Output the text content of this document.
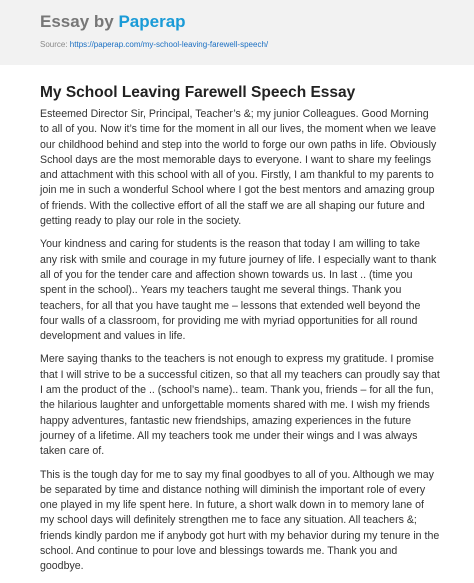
Essay by Paperap
Source: https://paperap.com/my-school-leaving-farewell-speech/
My School Leaving Farewell Speech Essay

Esteemed Director Sir, Principal, Teacher’s &; my junior Colleagues. Good Morning to all of you. Now it’s time for the moment in all our lives, the moment when we leave our childhood behind and step into the world to forge our own paths in life. Obviously School days are the most memorable days to everyone. I want to share my feelings and attachment with this school with all of you. Firstly, I am thankful to my parents to join me in such a wonderful School where I got the best mentors and amazing group of friends. With the collective effort of all the staff we are all shaping our future and getting ready to play our role in the society.

Your kindness and caring for students is the reason that today I am willing to take any risk with smile and courage in my future journey of life. I especially want to thank all of you for the tender care and affection shown towards us. In last .. (time you spent in the school).. Years my teachers taught me several things. Thank you teachers, for all that you have taught me – lessons that extended well beyond the four walls of a classroom, for providing me with myriad opportunities for all round development and values in life.

Mere saying thanks to the teachers is not enough to express my gratitude. I promise that I will strive to be a successful citizen, so that all my teachers can proudly say that I am the product of the .. (school’s name).. team. Thank you, friends – for all the fun, the hilarious laughter and unforgettable moments shared with me. I wish my friends happy adventures, fantastic new friendships, amazing experiences in the future journey of a lifetime. All my teachers took me under their wings and I was always taken care of.

This is the tough day for me to say my final goodbyes to all of you. Although we may be separated by time and distance nothing will diminish the important role of every one played in my life spent here. In future, a short walk down in to memory lane of my school days will definitely strengthen me to face any situation. All teachers &; friends kindly pardon me if anybody got hurt with my behavior during my tenure in the school. And continue to pour love and blessings towards me. Thank you and goodbye.
